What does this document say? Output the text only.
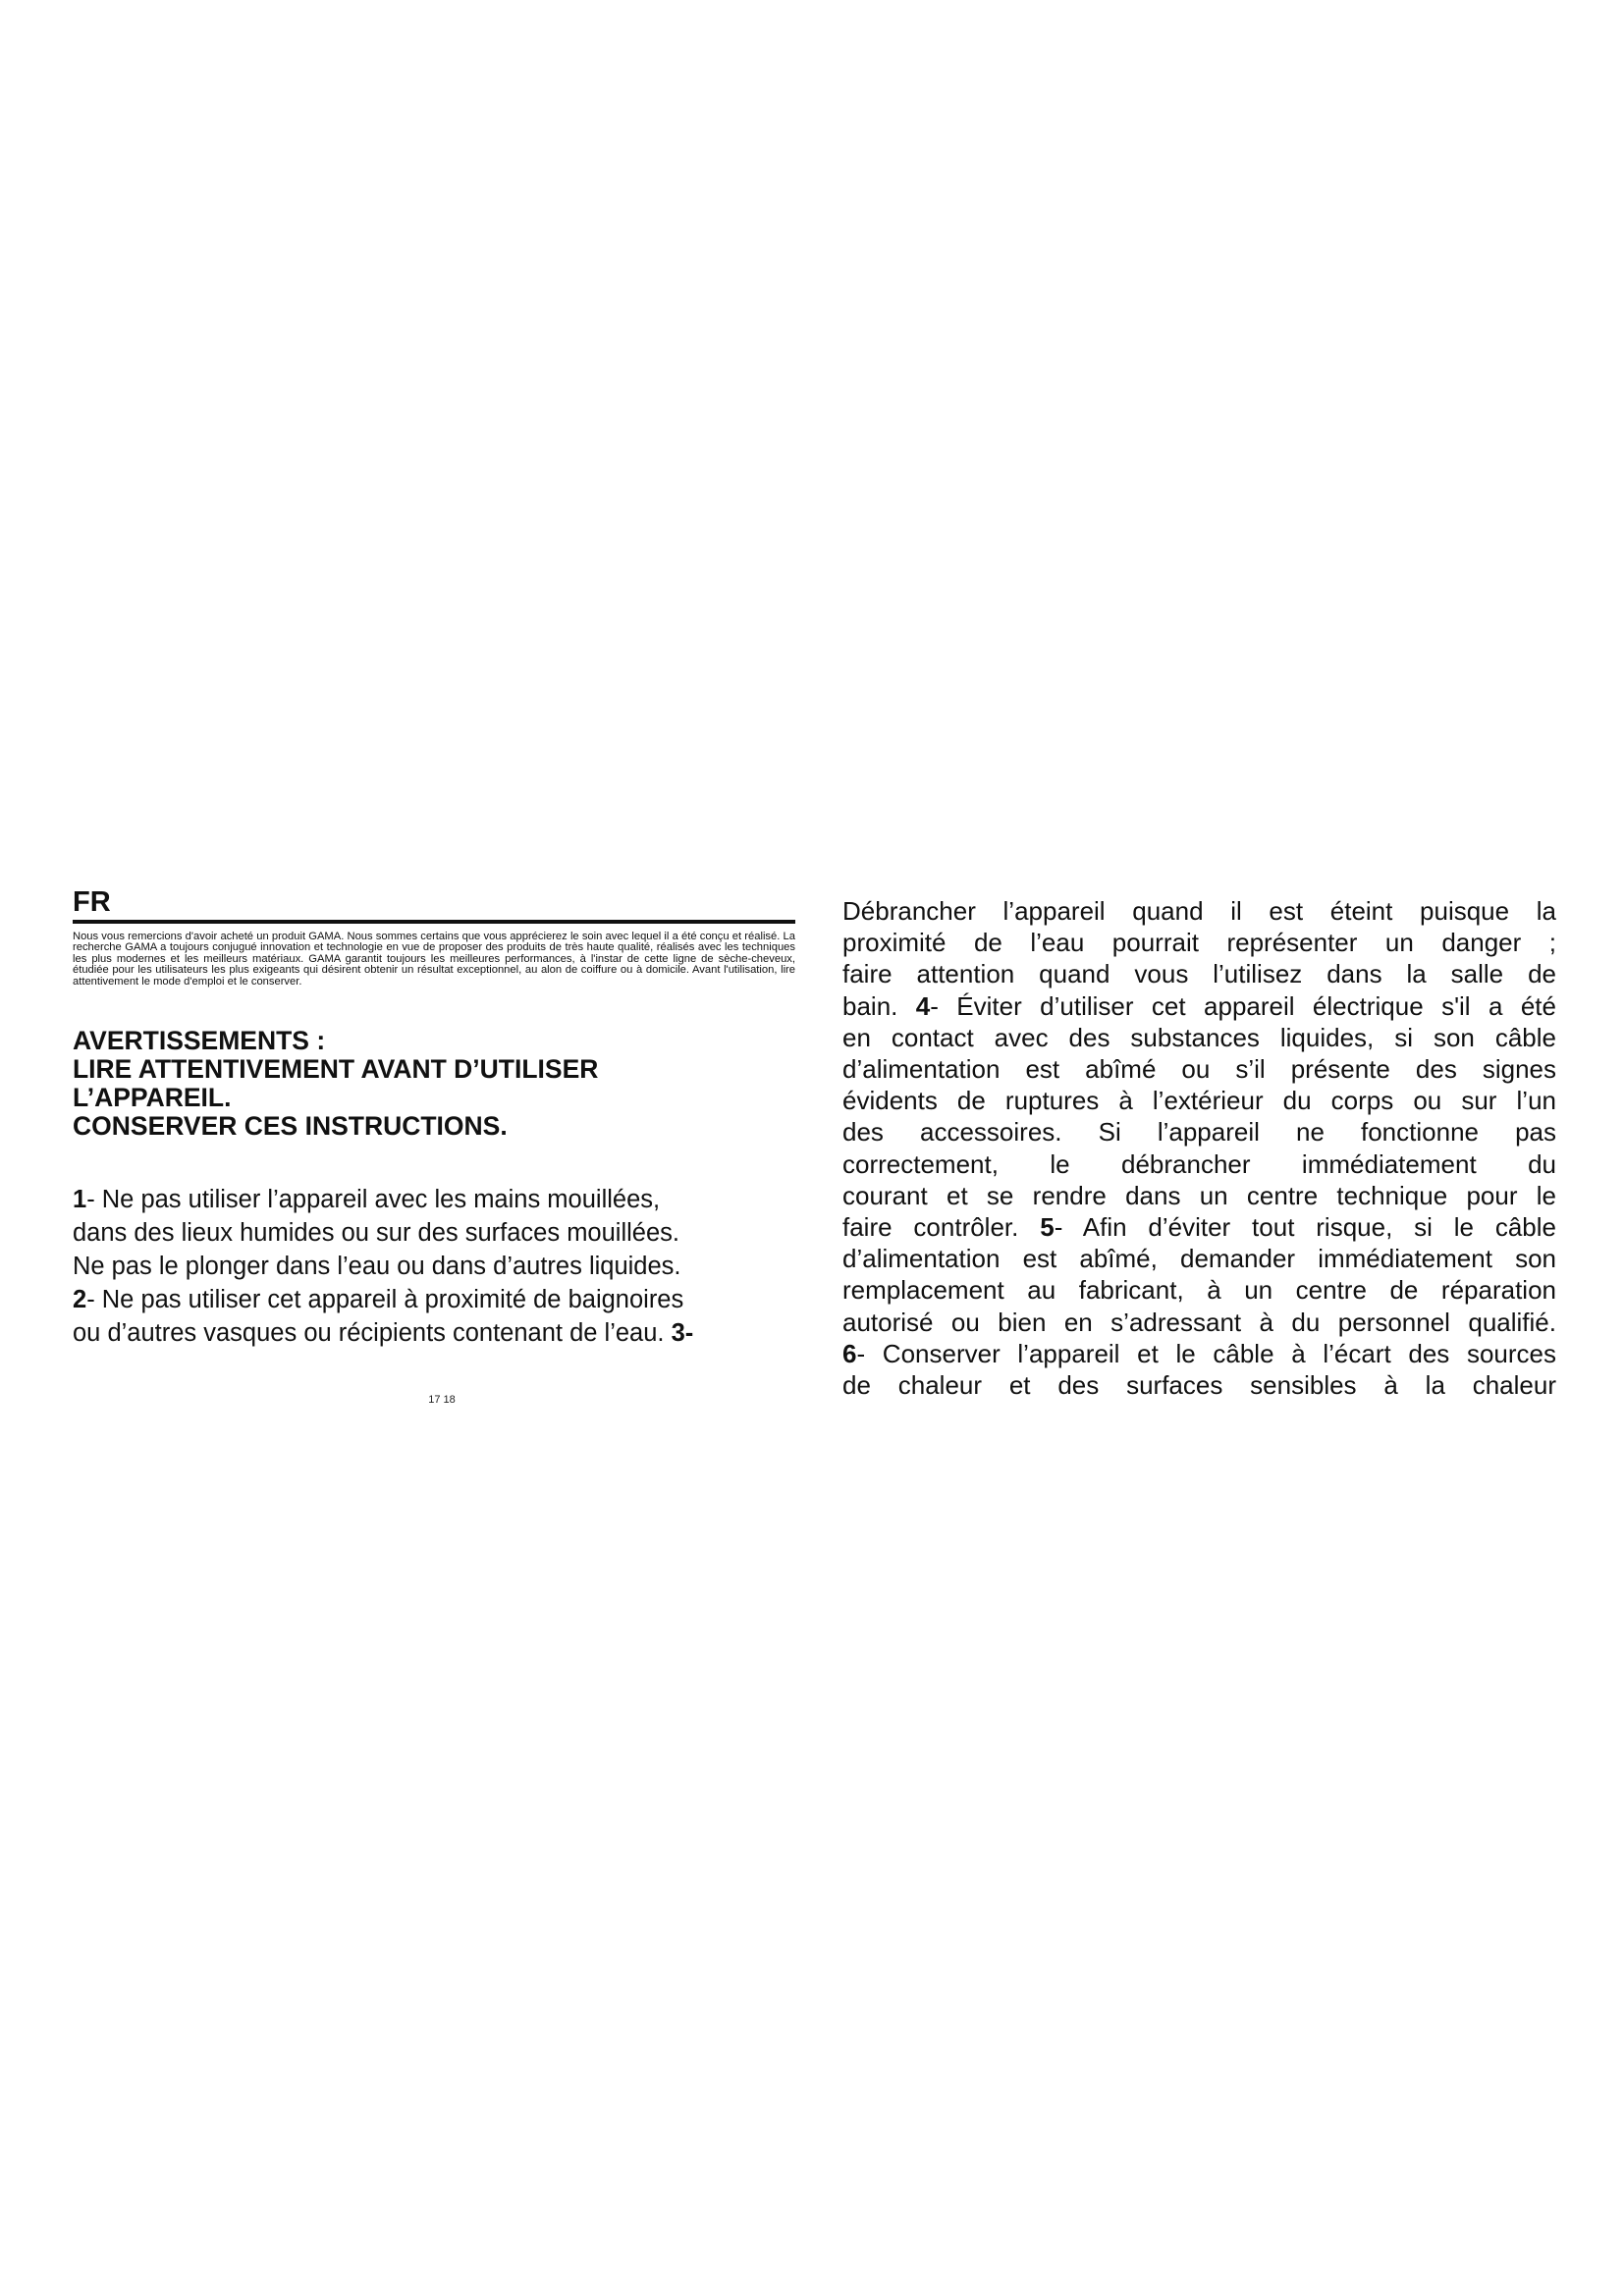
FR
Nous vous remercions d'avoir acheté un produit GAMA. Nous sommes certains que vous apprécierez le soin avec lequel il a été conçu et réalisé. La recherche GAMA a toujours conjugué innovation et technologie en vue de proposer des produits de très haute qualité, réalisés avec les techniques les plus modernes et les meilleurs matériaux. GAMA garantit toujours les meilleures performances, à l'instar de cette ligne de sèche-cheveux, étudiée pour les utilisateurs les plus exigeants qui désirent obtenir un résultat exceptionnel, au alon de coiffure ou à domicile. Avant l'utilisation, lire attentivement le mode d'emploi et le conserver.
AVERTISSEMENTS :
LIRE ATTENTIVEMENT AVANT D’UTILISER
L’APPAREIL.
CONSERVER CES INSTRUCTIONS.
1- Ne pas utiliser l’appareil avec les mains mouillées,
dans des lieux humides ou sur des surfaces mouillées.
Ne pas le plonger dans l’eau ou dans d’autres liquides.
2- Ne pas utiliser cet appareil à proximité de baignoires
ou d’autres vasques ou récipients contenant de l’eau. 3-
17 18
Débrancher l’appareil quand il est éteint puisque la
proximité de l’eau pourrait représenter un danger ;
faire attention quand vous l’utilisez dans la salle de
bain. 4- Éviter d’utiliser cet appareil électrique s'il a été
en contact avec des substances liquides, si son câble
d’alimentation est abîmé ou s’il présente des signes
évidents de ruptures à l’extérieur du corps ou sur l’un
des accessoires. Si l’appareil ne fonctionne pas
correctement, le débrancher immédiatement du
courant et se rendre dans un centre technique pour le
faire contrôler. 5- Afin d’éviter tout risque, si le câble
d’alimentation est abîmé, demander immédiatement son
remplacement au fabricant, à un centre de réparation
autorisé ou bien en s’adressant à du personnel qualifié.
6- Conserver l’appareil et le câble à l’écart des sources
de chaleur et des surfaces sensibles à la chaleur
